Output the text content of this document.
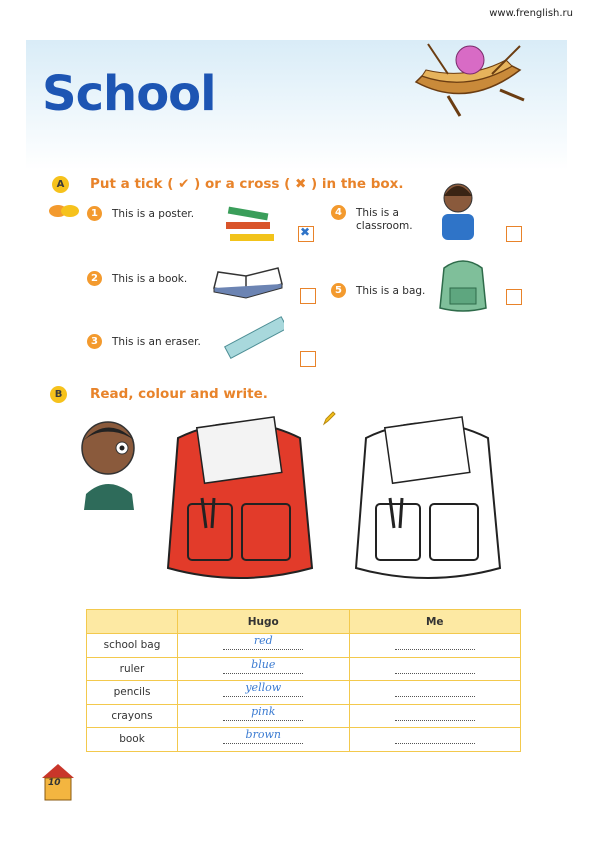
www.frenglish.ru
School
A	Put a tick ( ✔ ) or a cross ( ✖ ) in the box.
1	This is a poster.
✖
2	This is a book.
3	This is an eraser.
4	This is a classroom.
5	This is a bag.
B	Read, colour and write.
	Hugo	Me
school bag	red	

ruler	blue	

pencils	yellow	

crayons	pink	

book	brown	

10
